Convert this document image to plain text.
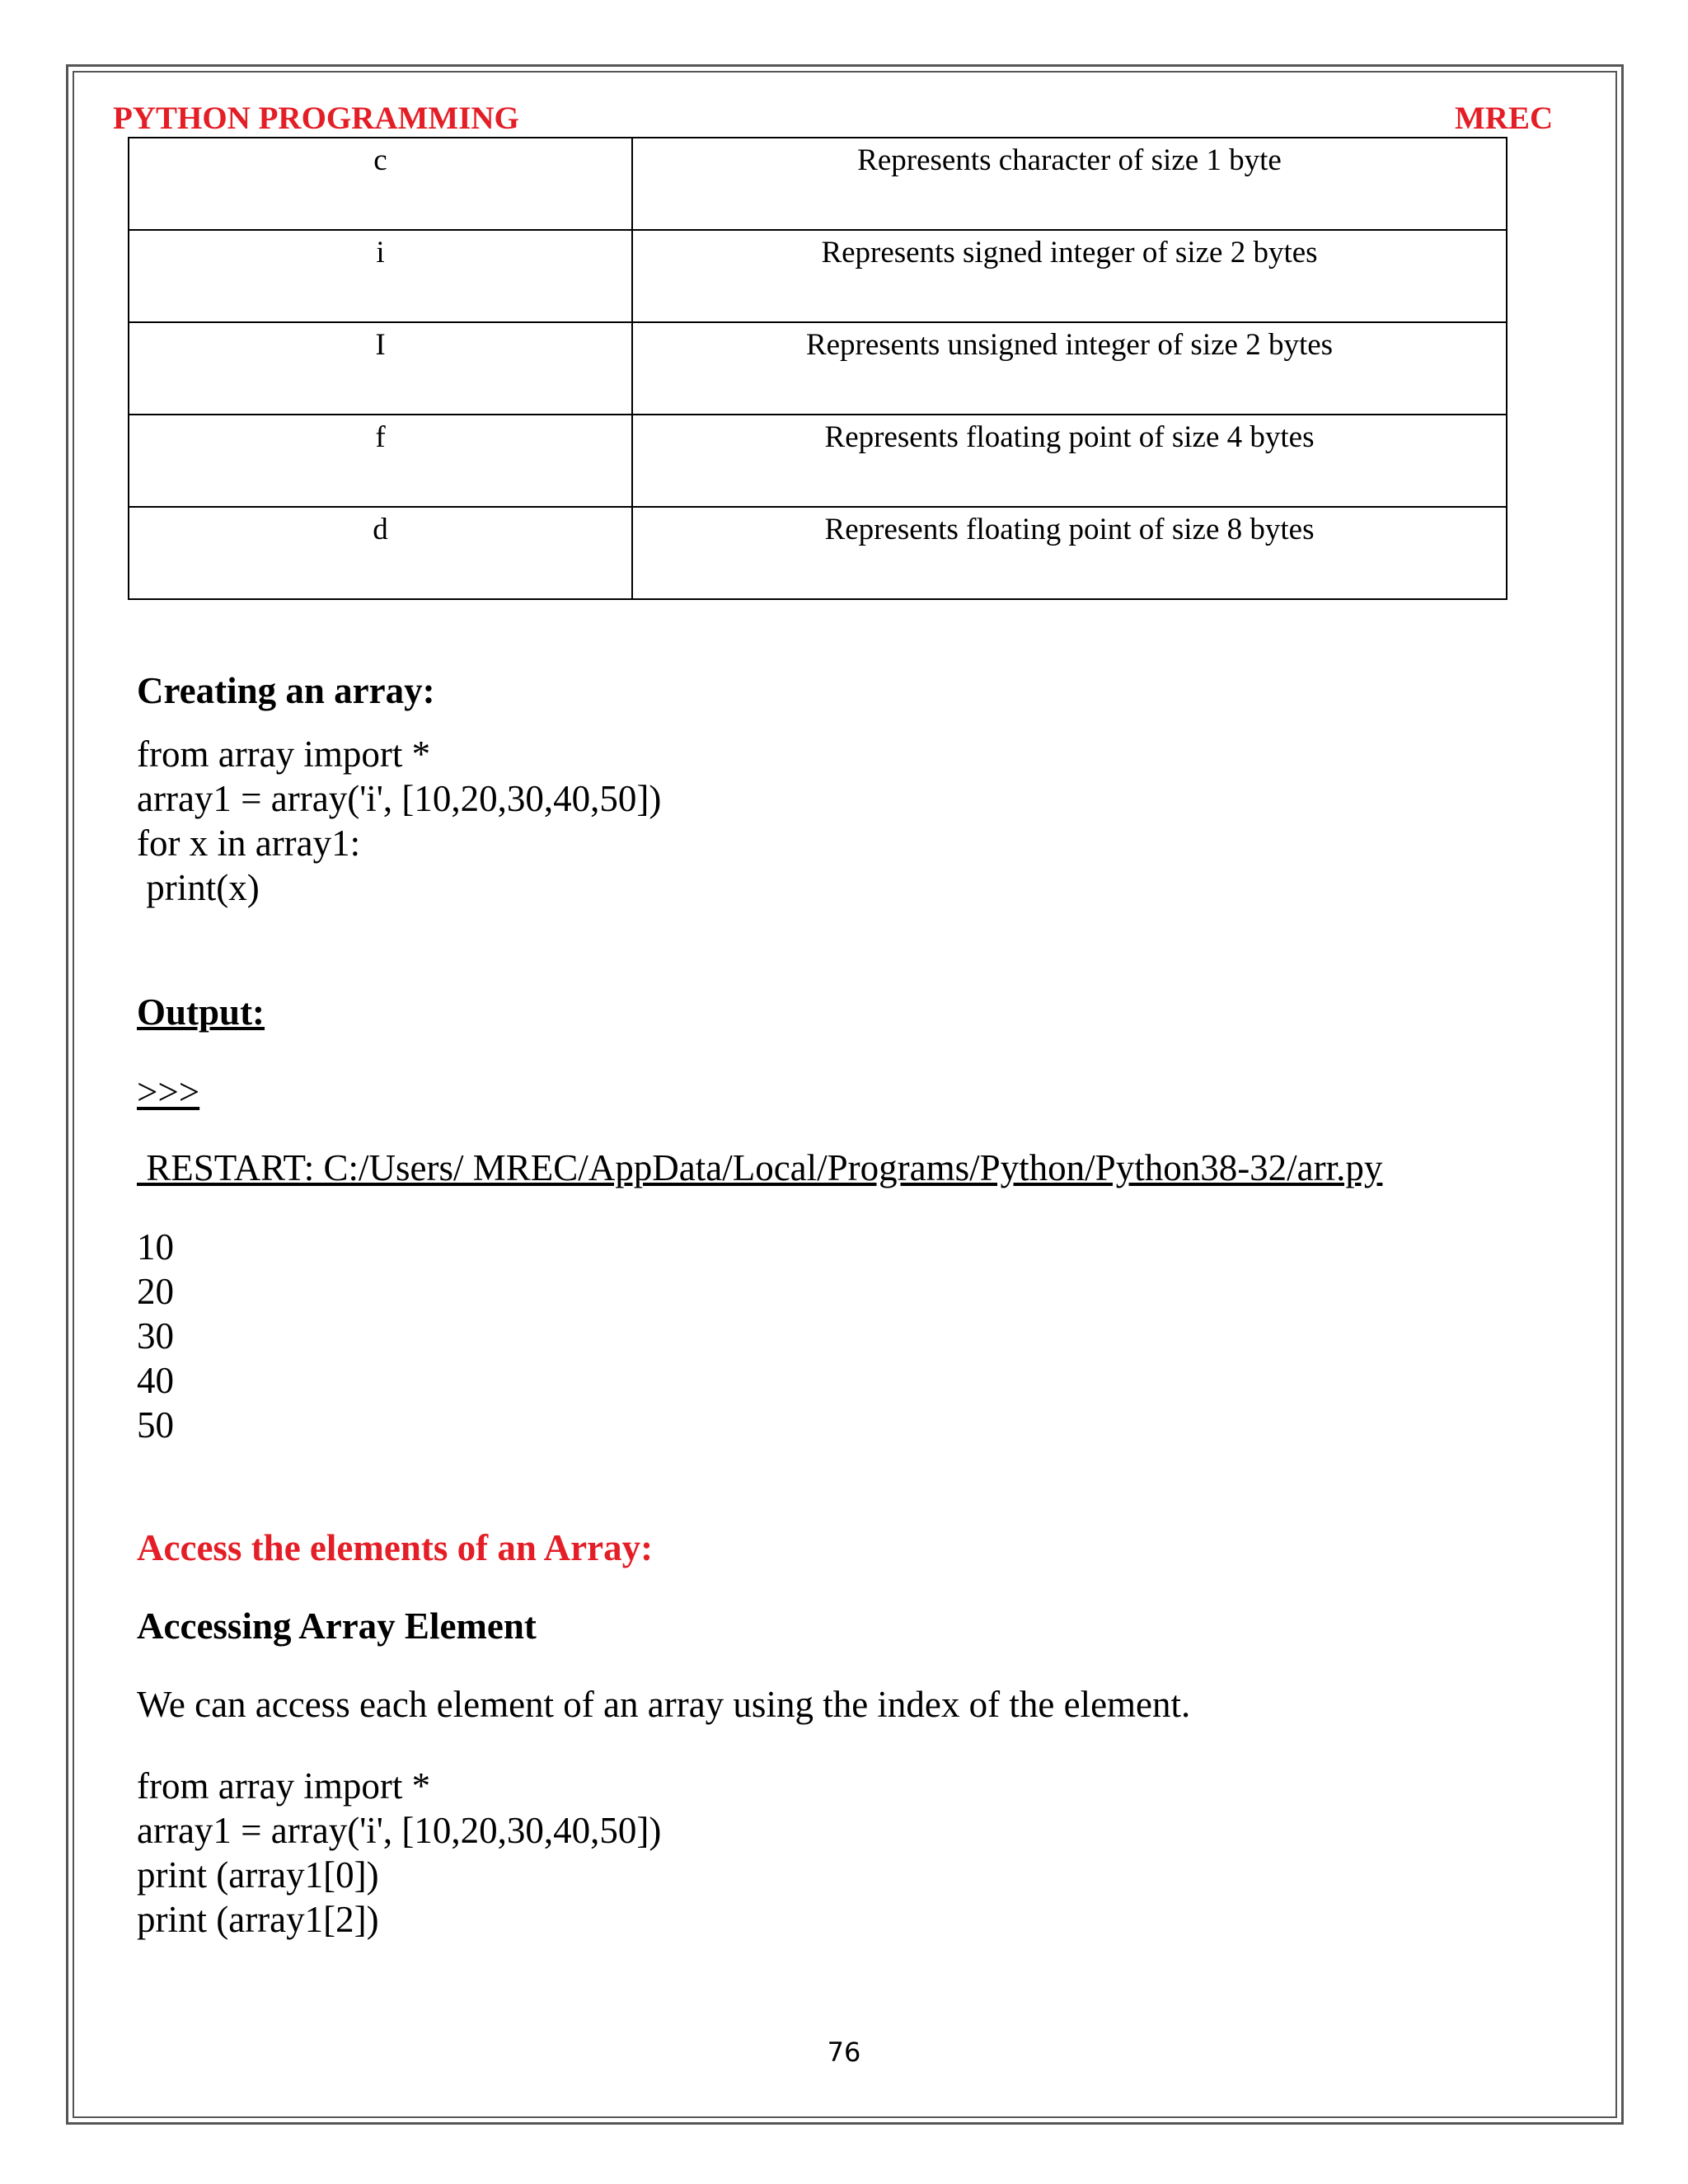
PYTHON PROGRAMMING	MREC
c	Represents character of size 1 byte
i	Represents signed integer of size 2 bytes
I	Represents unsigned integer of size 2 bytes
f	Represents floating point of size 4 bytes
d	Represents floating point of size 8 bytes
Creating an array:
from array import *
array1 = array('i', [10,20,30,40,50])
for x in array1:
print(x)
Output:
>>>
RESTART: C:/Users/ MREC/AppData/Local/Programs/Python/Python38-32/arr.py
10
20
30
40
50
Access the elements of an Array:
Accessing Array Element
We can access each element of an array using the index of the element.
from array import *
array1 = array('i', [10,20,30,40,50])
print (array1[0])
print (array1[2])
76
